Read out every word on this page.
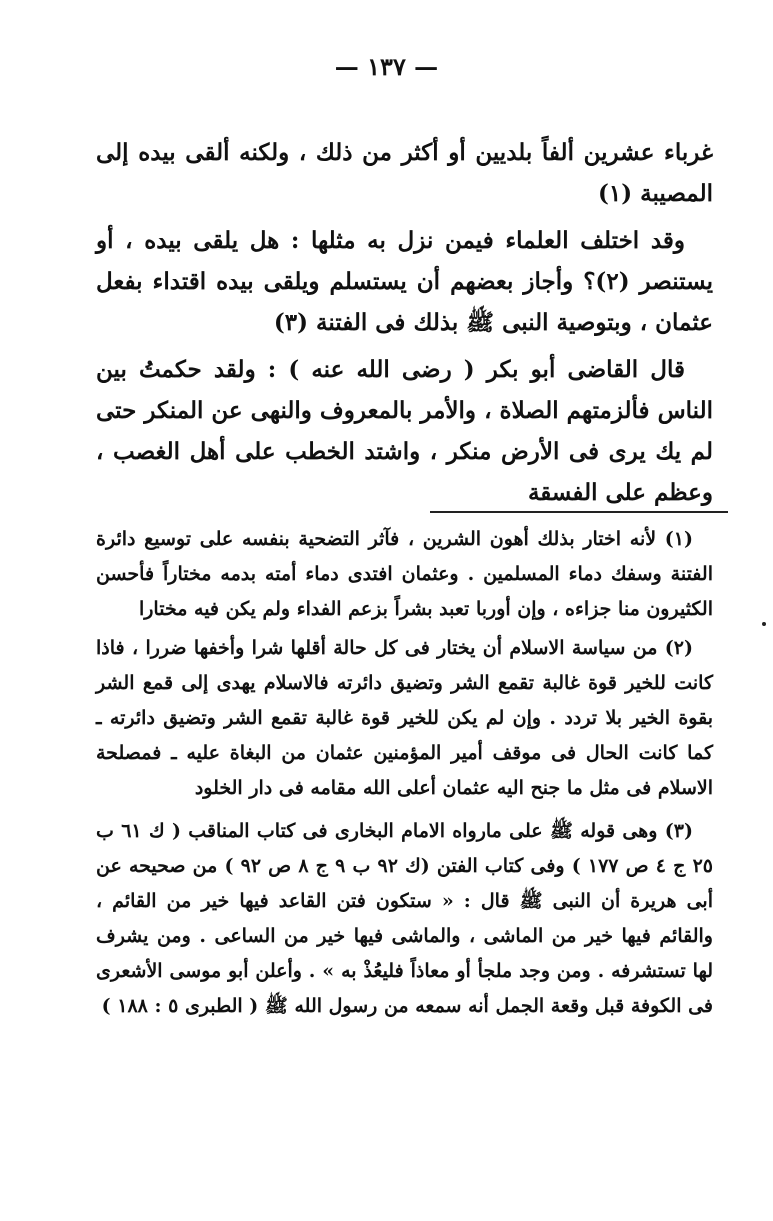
— ١٣٧ —

غرباء عشرين ألفاً بلديين أو أكثر من ذلك ، ولكنه ألقى بيده إلى المصيبة (١)

وقد اختلف العلماء فيمن نزل به مثلها : هل يلقى بيده ، أو يستنصر (٢)؟ وأجاز بعضهم أن يستسلم ويلقى بيده اقتداء بفعل عثمان ، وبتوصية النبى ﷺ بذلك فى الفتنة (٣)

قال القاضى أبو بكر ( رضى الله عنه ) : ولقد حكمتُ بين الناس فألزمتهم الصلاة ، والأمر بالمعروف والنهى عن المنكر حتى لم يك يرى فى الأرض منكر ، واشتد الخطب على أهل الغصب ، وعظم على الفسقة

(١) لأنه اختار بذلك أهون الشرين ، فآثر التضحية بنفسه على توسيع دائرة الفتنة وسفك دماء المسلمين . وعثمان افتدى دماء أمته بدمه مختاراً فأحسن الكثيرون منا جزاءه ، وإن أوربا تعبد بشراً بزعم الفداء ولم يكن فيه مختارا

(٢) من سياسة الاسلام أن يختار فى كل حالة أقلها شرا وأخفها ضررا ، فاذا كانت للخير قوة غالبة تقمع الشر وتضيق دائرته فالاسلام يهدى إلى قمع الشر بقوة الخير بلا تردد . وإن لم يكن للخير قوة غالبة تقمع الشر وتضيق دائرته ـ كما كانت الحال فى موقف أمير المؤمنين عثمان من البغاة عليه ـ فمصلحة الاسلام فى مثل ما جنح اليه عثمان أعلى الله مقامه فى دار الخلود

(٣) وهى قوله ﷺ على مارواه الامام البخارى فى كتاب المناقب ( ك ٦١ ب ٢٥ ج ٤ ص ١٧٧ ) وفى كتاب الفتن (ك ٩٢ ب ٩ ج ٨ ص ٩٢ ) من صحيحه عن أبى هريرة أن النبى ﷺ قال : « ستكون فتن القاعد فيها خير من القائم ، والقائم فيها خير من الماشى ، والماشى فيها خير من الساعى . ومن يشرف لها تستشرفه . ومن وجد ملجأ أو معاذاً فليعُذْ به » . وأعلن أبو موسى الأشعرى فى الكوفة قبل وقعة الجمل أنه سمعه من رسول الله ﷺ ( الطبرى ٥ : ١٨٨ )
